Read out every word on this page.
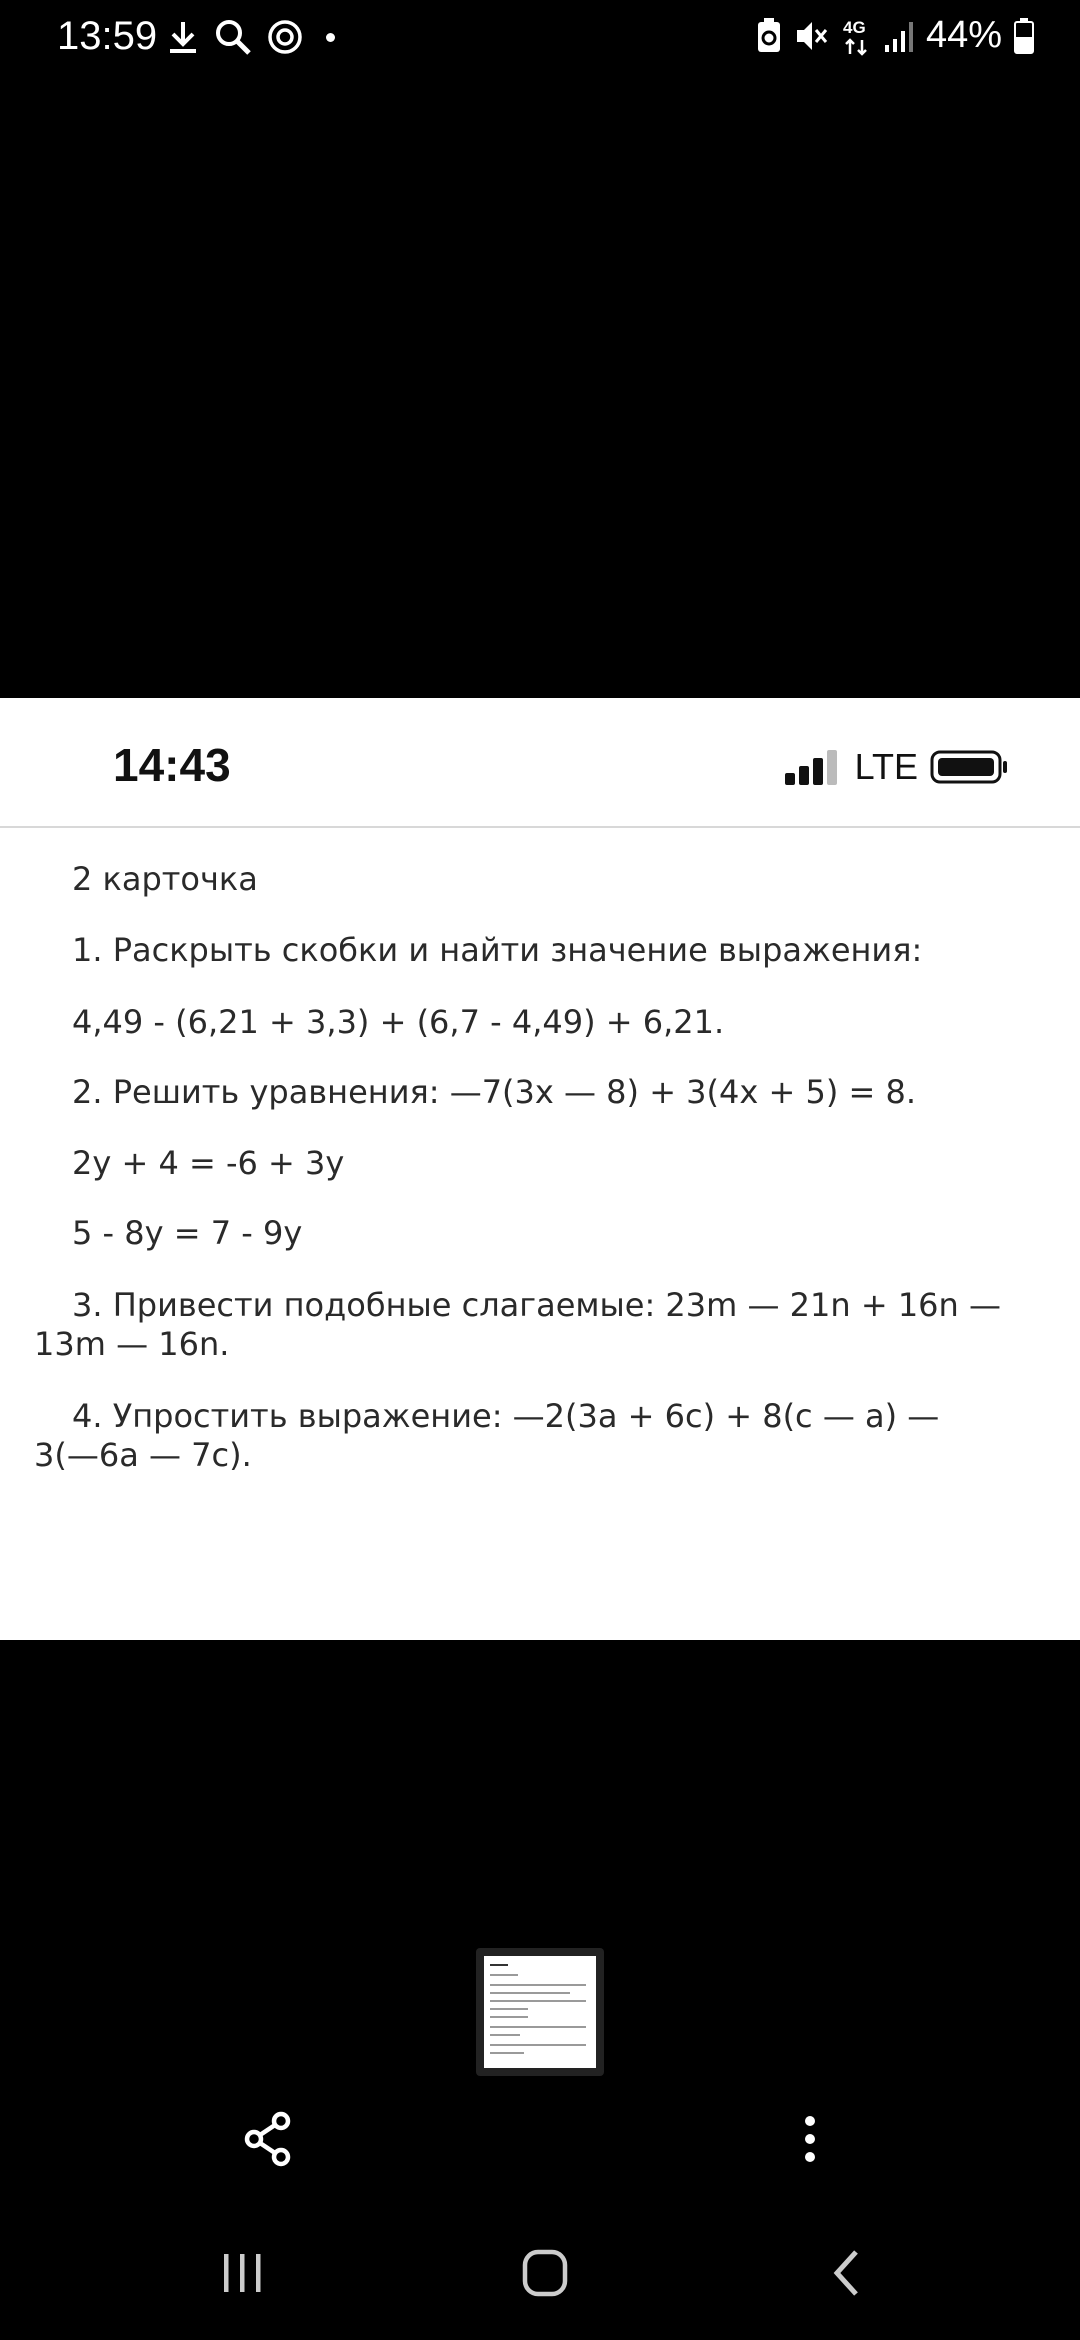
13:59	4G 44%
14:43	LTE

2 карточка

1. Раскрыть скобки и найти значение выражения:

4,49 - (6,21 + 3,3) + (6,7 - 4,49) + 6,21.

2. Решить уравнения: —7(3х — 8) + 3(4х + 5) = 8.

2y + 4 = -6 + 3y

5 - 8y = 7 - 9y

3. Привести подобные слагаемые: 23m — 21n + 16n —

13m — 16n.

4. Упростить выражение: —2(3a + 6c) + 8(c — a) —

3(—6a — 7c).
